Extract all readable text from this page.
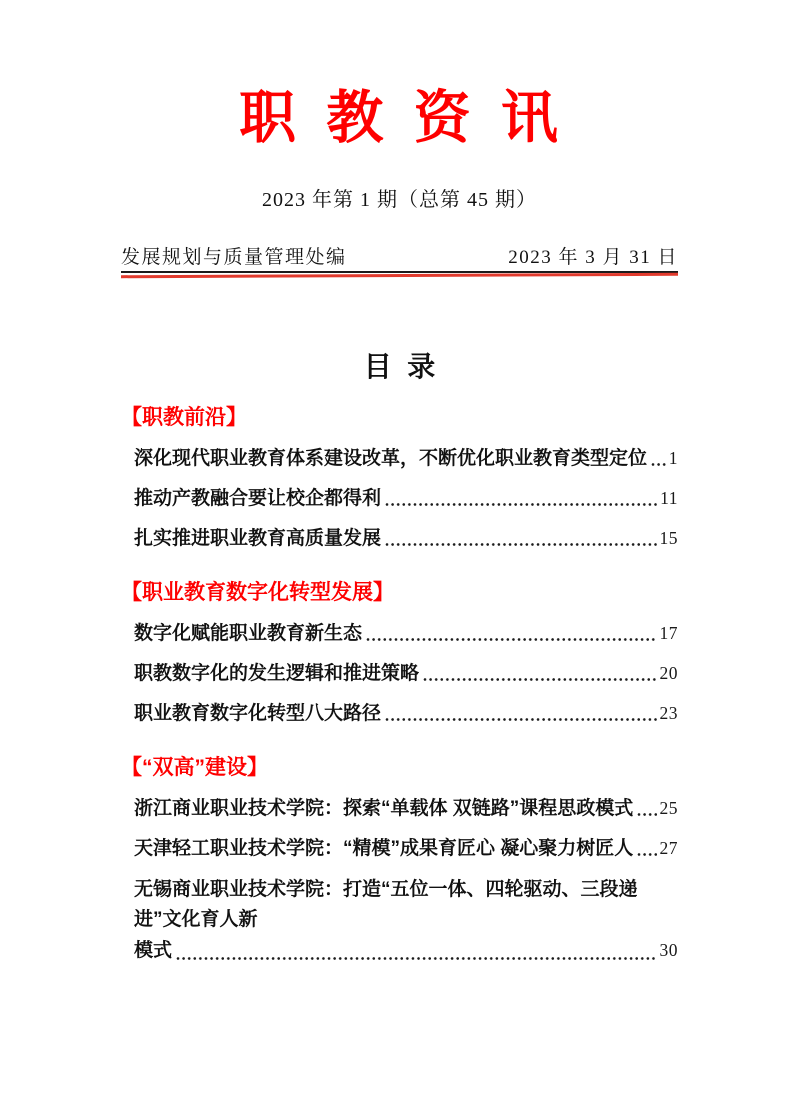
职 教 资 讯
2023 年第 1 期（总第 45 期）
发展规划与质量管理处编	2023 年 3 月 31 日
目  录
【职教前沿】
深化现代职业教育体系建设改革，不断优化职业教育类型定位 1
推动产教融合要让校企都得利	11
扎实推进职业教育高质量发展	15
【职业教育数字化转型发展】
数字化赋能职业教育新生态	17
职教数字化的发生逻辑和推进策略	20
职业教育数字化转型八大路径	23
【“双高”建设】
浙江商业职业技术学院：探索“单载体 双链路”课程思政模式 25
天津轻工职业技术学院：“精模”成果育匠心 凝心聚力树匠人 27
无锡商业职业技术学院：打造“五位一体、四轮驱动、三段递进”文化育人新
模式	30
